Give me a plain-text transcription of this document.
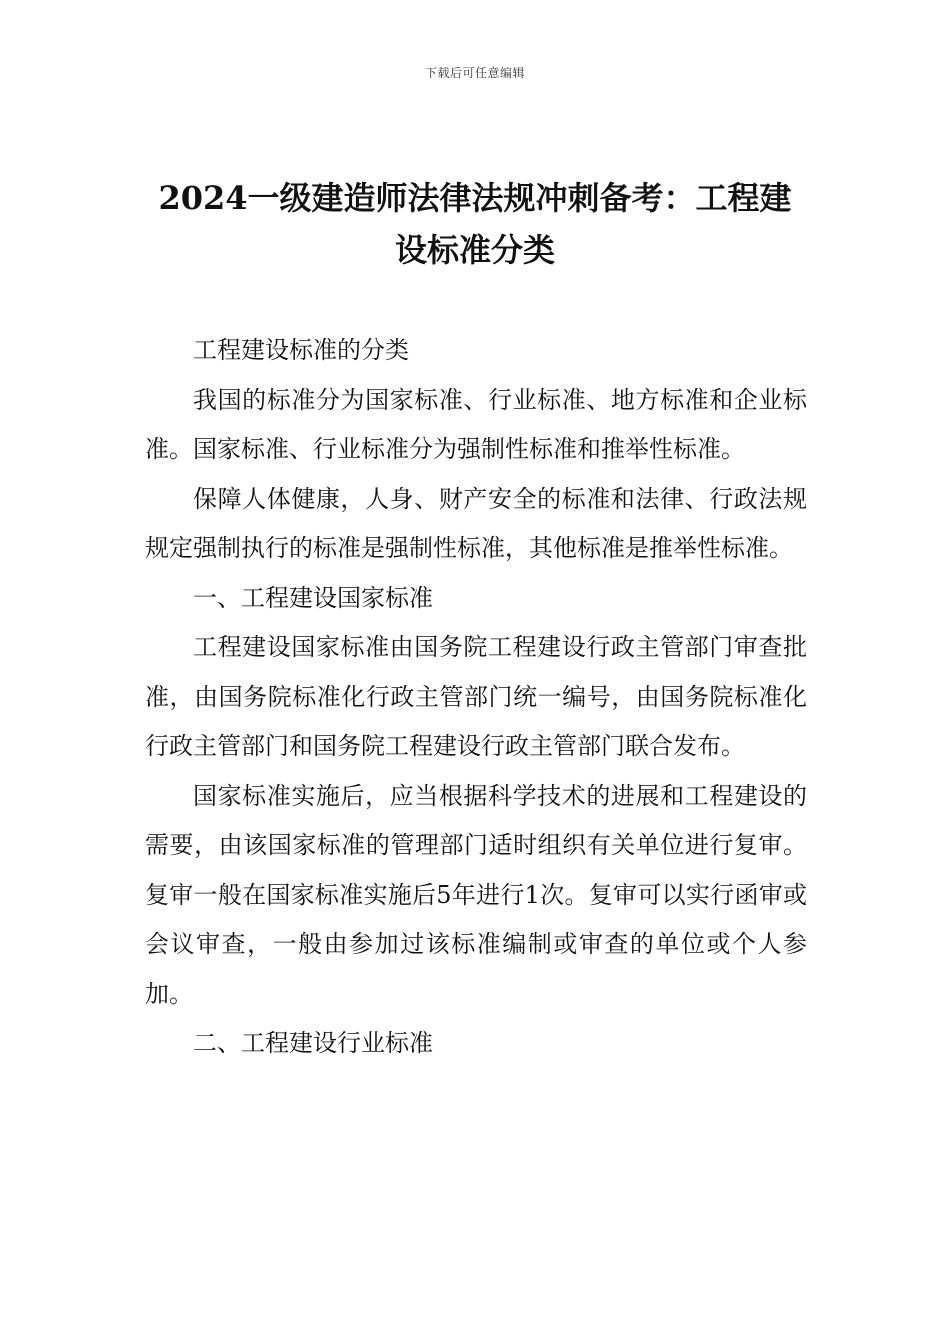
下载后可任意编辑
2024一级建造师法律法规冲刺备考：工程建设标准分类

工程建设标准的分类

我国的标准分为国家标准、行业标准、地方标准和企业标准。国家标准、行业标准分为强制性标准和推举性标准。

保障人体健康，人身、财产安全的标准和法律、行政法规规定强制执行的标准是强制性标准，其他标准是推举性标准。

一、工程建设国家标准

工程建设国家标准由国务院工程建设行政主管部门审查批准，由国务院标准化行政主管部门统一编号，由国务院标准化行政主管部门和国务院工程建设行政主管部门联合发布。

国家标准实施后，应当根据科学技术的进展和工程建设的需要，由该国家标准的管理部门适时组织有关单位进行复审。复审一般在国家标准实施后5年进行1次。复审可以实行函审或会议审查，一般由参加过该标准编制或审查的单位或个人参加。

二、工程建设行业标准
